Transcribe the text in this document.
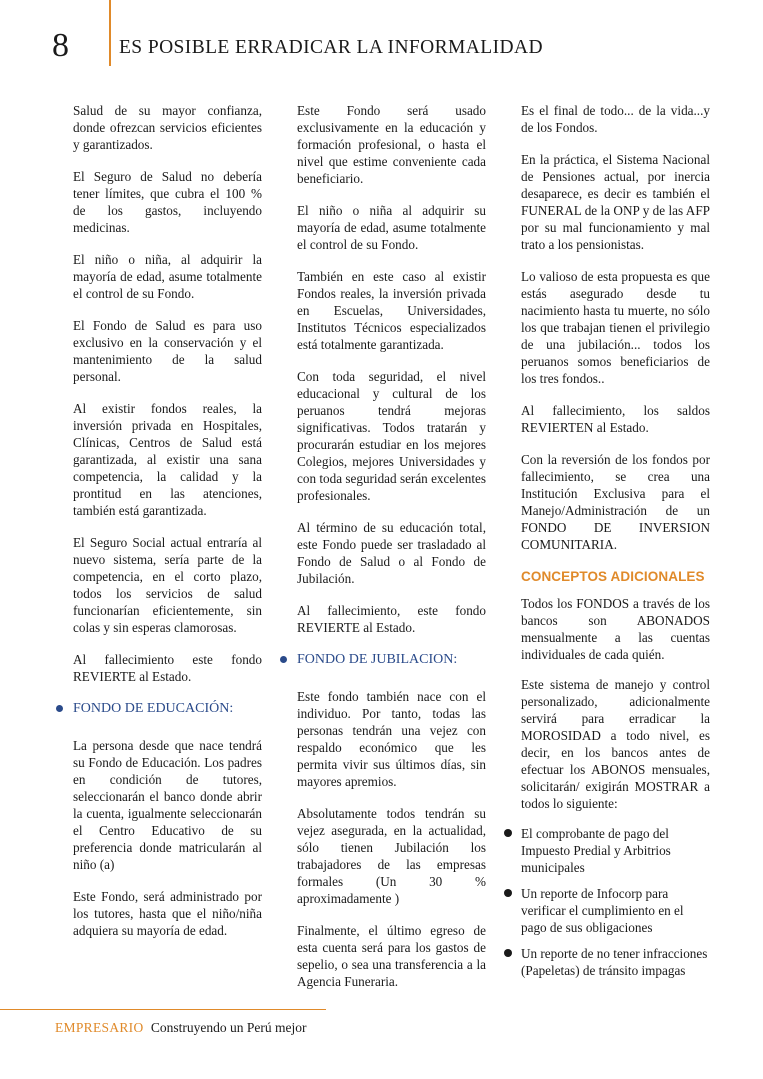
8	ES POSIBLE ERRADICAR LA INFORMALIDAD

Salud de su mayor confianza, donde ofrezcan servicios eficientes y garantizados.

El Seguro de Salud no debería tener límites, que cubra el 100 % de los gastos, incluyendo medicinas.

El niño o niña, al adquirir la mayoría de edad, asume totalmente el control de su Fondo.

El Fondo de Salud es para uso exclusivo en la conservación y el mantenimiento de la salud personal.

Al existir fondos reales, la inversión privada en Hospitales, Clínicas, Centros de Salud está garantizada, al existir una sana competencia, la calidad y la prontitud en las atenciones, también está garantizada.

El Seguro Social actual entraría al nuevo sistema, sería parte de la competencia, en el corto plazo, todos los servicios de salud funcionarían eficientemente, sin colas y sin esperas clamorosas.

Al fallecimiento este fondo REVIERTE al Estado.

FONDO DE EDUCACIÓN:

La persona desde que nace tendrá su Fondo de Educación. Los padres en condición de tutores, seleccionarán el banco donde abrir la cuenta, igualmente seleccionarán el Centro Educativo de su preferencia donde matricularán al niño (a)

Este Fondo, será administrado por los tutores, hasta que el niño/niña adquiera su mayoría de edad.

Este Fondo será usado exclusivamente en la educación y formación profesional, o hasta el nivel que estime conveniente cada beneficiario.

El niño o niña al adquirir su mayoría de edad, asume totalmente el control de su Fondo.

También en este caso al existir Fondos reales, la inversión privada en Escuelas, Universidades, Institutos Técnicos especializados está totalmente garantizada.

Con toda seguridad, el nivel educacional y cultural de los peruanos tendrá mejoras significativas. Todos tratarán y procurarán estudiar en los mejores Colegios, mejores Universidades y con toda seguridad serán excelentes profesionales.

Al término de su educación total, este Fondo puede ser trasladado al Fondo de Salud o al Fondo de Jubilación.

Al fallecimiento, este fondo REVIERTE al Estado.

FONDO DE JUBILACION:

Este fondo también nace con el individuo. Por tanto, todas las personas tendrán una vejez con respaldo económico que les permita vivir sus últimos días, sin mayores apremios.

Absolutamente todos tendrán su vejez asegurada, en la actualidad, sólo tienen Jubilación los trabajadores de las empresas formales (Un 30 % aproximadamente )

Finalmente, el último egreso de esta cuenta será para los gastos de sepelio, o sea una transferencia a la Agencia Funeraria.

Es el final de todo... de la vida...y de los Fondos.

En la práctica, el Sistema Nacional de Pensiones actual, por inercia desaparece, es decir es también el FUNERAL de la ONP y de las AFP por su mal funcionamiento y mal trato a los pensionistas.

Lo valioso de esta propuesta es que estás asegurado desde tu nacimiento hasta tu muerte, no sólo los que trabajan tienen el privilegio de una jubilación... todos los peruanos somos beneficiarios de los tres fondos..

Al fallecimiento, los saldos REVIERTEN al Estado.

Con la reversión de los fondos por fallecimiento, se crea una Institución Exclusiva para el Manejo/Administración de un FONDO DE INVERSION COMUNITARIA.

CONCEPTOS ADICIONALES

Todos los FONDOS a través de los bancos son ABONADOS mensualmente a las cuentas individuales de cada quién.

Este sistema de manejo y control personalizado, adicionalmente servirá para erradicar la MOROSIDAD a todo nivel, es decir, en los bancos antes de efectuar los ABONOS mensuales, solicitarán/ exigirán MOSTRAR a todos lo siguiente:

El comprobante de pago del Impuesto Predial y Arbitrios municipales
Un reporte de Infocorp para verificar el cumplimiento en el pago de sus obligaciones
Un reporte de no tener infracciones (Papeletas) de tránsito impagas
EMPRESARIO Construyendo un Perú mejor
